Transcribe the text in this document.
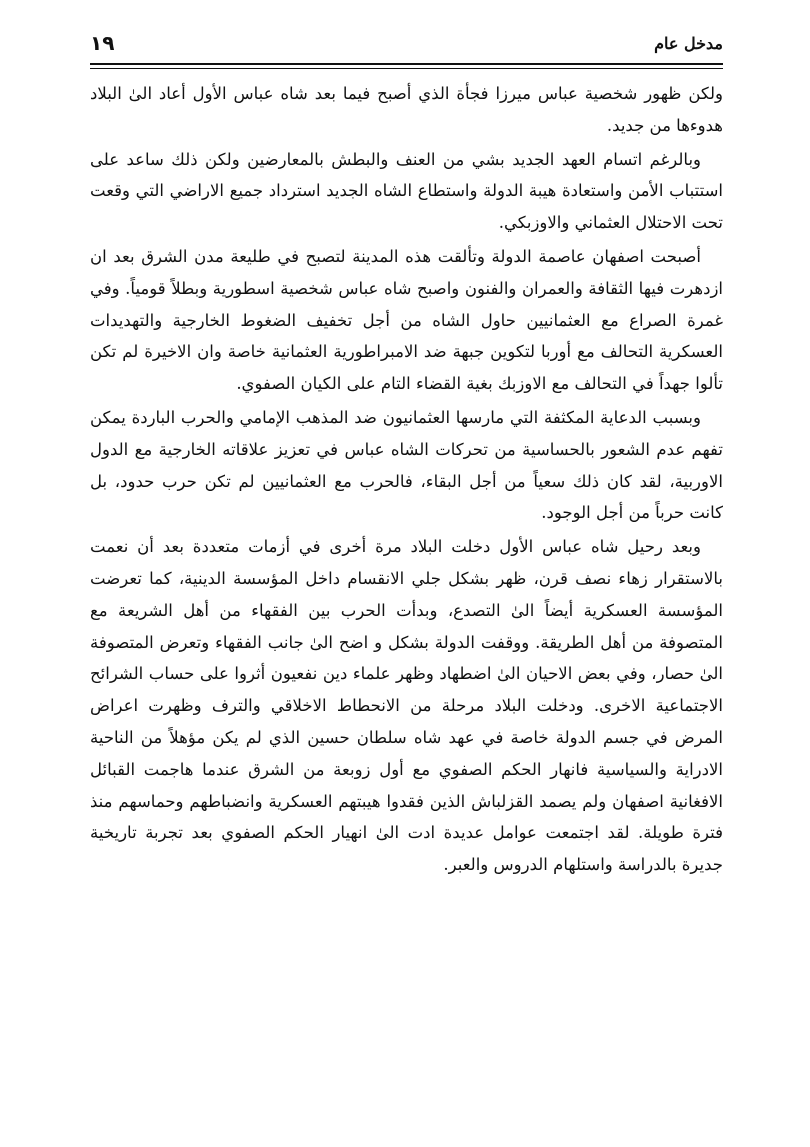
١٩	مدخل عام

ولكن ظهور شخصية عباس ميرزا فجأة الذي أصبح فيما بعد شاه عباس الأول أعاد الىٰ البلاد هدوءها من جديد.

وبالرغم اتسام العهد الجديد بشي من العنف والبطش بالمعارضين ولكن ذلك ساعد على استتباب الأمن واستعادة هيبة الدولة واستطاع الشاه الجديد استرداد جميع الاراضي التي وقعت تحت الاحتلال العثماني والاوزبكي.

أصبحت اصفهان عاصمة الدولة وتألقت هذه المدينة لتصبح في طليعة مدن الشرق بعد ان ازدهرت فيها الثقافة والعمران والفنون واصبح شاه عباس شخصية اسطورية وبطلاً قومياً. وفي غمرة الصراع مع العثمانيين حاول الشاه من أجل تخفيف الضغوط الخارجية والتهديدات العسكرية التحالف مع أوربا لتكوين جبهة ضد الامبراطورية العثمانية خاصة وان الاخيرة لم تكن تألوا جهداً في التحالف مع الاوزبك بغية القضاء التام على الكيان الصفوي.

وبسبب الدعاية المكثفة التي مارسها العثمانيون ضد المذهب الإمامي والحرب الباردة يمكن تفهم عدم الشعور بالحساسية من تحركات الشاه عباس في تعزيز علاقاته الخارجية مع الدول الاوربية، لقد كان ذلك سعياً من أجل البقاء، فالحرب مع العثمانيين لم تكن حرب حدود، بل كانت حرباً من أجل الوجود.

وبعد رحيل شاه عباس الأول دخلت البلاد مرة أخرى في أزمات متعددة بعد أن نعمت بالاستقرار زهاء نصف قرن، ظهر بشكل جلي الانقسام داخل المؤسسة الدينية، كما تعرضت المؤسسة العسكرية أيضاً الىٰ التصدع، وبدأت الحرب بين الفقهاء من أهل الشريعة مع المتصوفة من أهل الطريقة. ووقفت الدولة بشكل و اضح الىٰ جانب الفقهاء وتعرض المتصوفة الىٰ حصار، وفي بعض الاحيان الىٰ اضطهاد وظهر علماء دين نفعيون أثروا على حساب الشرائح الاجتماعية الاخرى. ودخلت البلاد مرحلة من الانحطاط الاخلاقي والترف وظهرت اعراض المرض في جسم الدولة خاصة في عهد شاه سلطان حسين الذي لم يكن مؤهلاً من الناحية الادراية والسياسية فانهار الحكم الصفوي مع أول زوبعة من الشرق عندما هاجمت القبائل الافغانية اصفهان ولم يصمد القزلباش الذين فقدوا هيبتهم العسكرية وانضباطهم وحماسهم منذ فترة طويلة. لقد اجتمعت عوامل عديدة ادت الىٰ انهيار الحكم الصفوي بعد تجربة تاريخية جديرة بالدراسة واستلهام الدروس والعبر.
